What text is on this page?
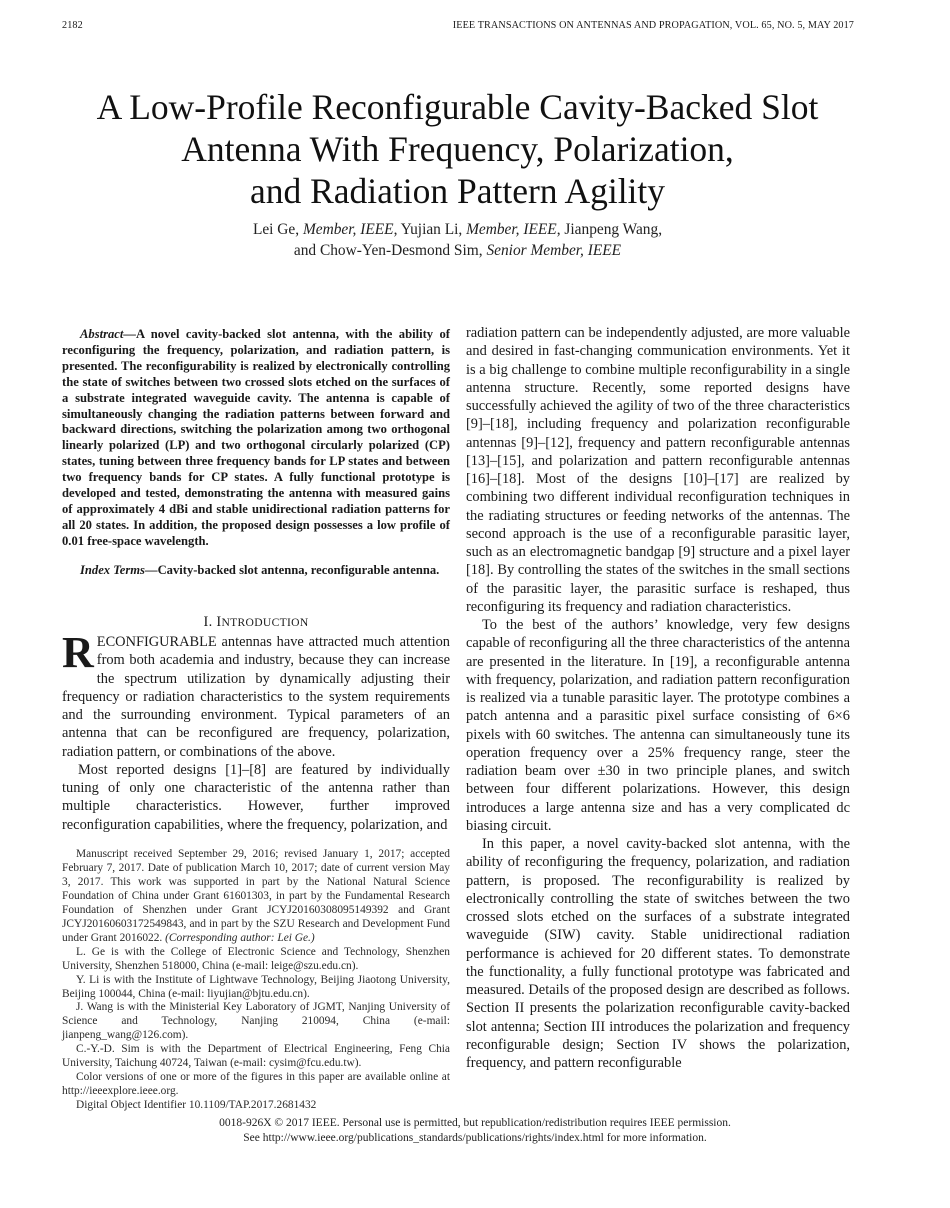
2182	IEEE TRANSACTIONS ON ANTENNAS AND PROPAGATION, VOL. 65, NO. 5, MAY 2017
A Low-Profile Reconfigurable Cavity-Backed Slot
Antenna With Frequency, Polarization,
and Radiation Pattern Agility
Lei Ge, Member, IEEE, Yujian Li, Member, IEEE, Jianpeng Wang,
and Chow-Yen-Desmond Sim, Senior Member, IEEE

Abstract—A novel cavity-backed slot antenna, with the ability of reconfiguring the frequency, polarization, and radiation pattern, is presented. The reconfigurability is realized by electronically controlling the state of switches between two crossed slots etched on the surfaces of a substrate integrated waveguide cavity. The antenna is capable of simultaneously changing the radiation patterns between forward and backward directions, switching the polarization among two orthogonal linearly polarized (LP) and two orthogonal circularly polarized (CP) states, tuning between three frequency bands for LP states and between two frequency bands for CP states. A fully functional prototype is developed and tested, demonstrating the antenna with measured gains of approximately 4 dBi and stable unidirectional radiation patterns for all 20 states. In addition, the proposed design possesses a low profile of 0.01 free-space wavelength.

Index Terms—Cavity-backed slot antenna, reconfigurable antenna.

I. INTRODUCTION

RECONFIGURABLE antennas have attracted much attention from both academia and industry, because they can increase the spectrum utilization by dynamically adjusting their frequency or radiation characteristics to the system requirements and the surrounding environment. Typical parameters of an antenna that can be reconfigured are frequency, polarization, radiation pattern, or combinations of the above.

Most reported designs [1]–[8] are featured by individually tuning of only one characteristic of the antenna rather than multiple characteristics. However, further improved reconfiguration capabilities, where the frequency, polarization, and

Manuscript received September 29, 2016; revised January 1, 2017; accepted February 7, 2017. Date of publication March 10, 2017; date of current version May 3, 2017. This work was supported in part by the National Natural Science Foundation of China under Grant 61601303, in part by the Fundamental Research Foundation of Shenzhen under Grant JCYJ20160308095149392 and Grant JCYJ20160603172549843, and in part by the SZU Research and Development Fund under Grant 2016022. (Corresponding author: Lei Ge.)

L. Ge is with the College of Electronic Science and Technology, Shenzhen University, Shenzhen 518000, China (e-mail: leige@szu.edu.cn).

Y. Li is with the Institute of Lightwave Technology, Beijing Jiaotong University, Beijing 100044, China (e-mail: liyujian@bjtu.edu.cn).

J. Wang is with the Ministerial Key Laboratory of JGMT, Nanjing University of Science and Technology, Nanjing 210094, China (e-mail: jianpeng_wang@126.com).

C.-Y.-D. Sim is with the Department of Electrical Engineering, Feng Chia University, Taichung 40724, Taiwan (e-mail: cysim@fcu.edu.tw).

Color versions of one or more of the figures in this paper are available online at http://ieeexplore.ieee.org.

Digital Object Identifier 10.1109/TAP.2017.2681432

radiation pattern can be independently adjusted, are more valuable and desired in fast-changing communication environments. Yet it is a big challenge to combine multiple reconfigurability in a single antenna structure. Recently, some reported designs have successfully achieved the agility of two of the three characteristics [9]–[18], including frequency and polarization reconfigurable antennas [9]–[12], frequency and pattern reconfigurable antennas [13]–[15], and polarization and pattern reconfigurable antennas [16]–[18]. Most of the designs [10]–[17] are realized by combining two different individual reconfiguration techniques in the radiating structures or feeding networks of the antennas. The second approach is the use of a reconfigurable parasitic layer, such as an electromagnetic bandgap [9] structure and a pixel layer [18]. By controlling the states of the switches in the small sections of the parasitic layer, the parasitic surface is reshaped, thus reconfiguring its frequency and radiation characteristics.

To the best of the authors’ knowledge, very few designs capable of reconfiguring all the three characteristics of the antenna are presented in the literature. In [19], a reconfigurable antenna with frequency, polarization, and radiation pattern reconfiguration is realized via a tunable parasitic layer. The prototype combines a patch antenna and a parasitic pixel surface consisting of 6×6 pixels with 60 switches. The antenna can simultaneously tune its operation frequency over a 25% frequency range, steer the radiation beam over ±30 in two principle planes, and switch between four different polarizations. However, this design introduces a large antenna size and has a very complicated dc biasing circuit.

In this paper, a novel cavity-backed slot antenna, with the ability of reconfiguring the frequency, polarization, and radiation pattern, is proposed. The reconfigurability is realized by electronically controlling the state of switches between the two crossed slots etched on the surfaces of a substrate integrated waveguide (SIW) cavity. Stable unidirectional radiation performance is achieved for 20 different states. To demonstrate the functionality, a fully functional prototype was fabricated and measured. Details of the proposed design are described as follows. Section II presents the polarization reconfigurable cavity-backed slot antenna; Section III introduces the polarization and frequency reconfigurable design; Section IV shows the polarization, frequency, and pattern reconfigurable

0018-926X © 2017 IEEE. Personal use is permitted, but republication/redistribution requires IEEE permission.
See http://www.ieee.org/publications_standards/publications/rights/index.html for more information.
